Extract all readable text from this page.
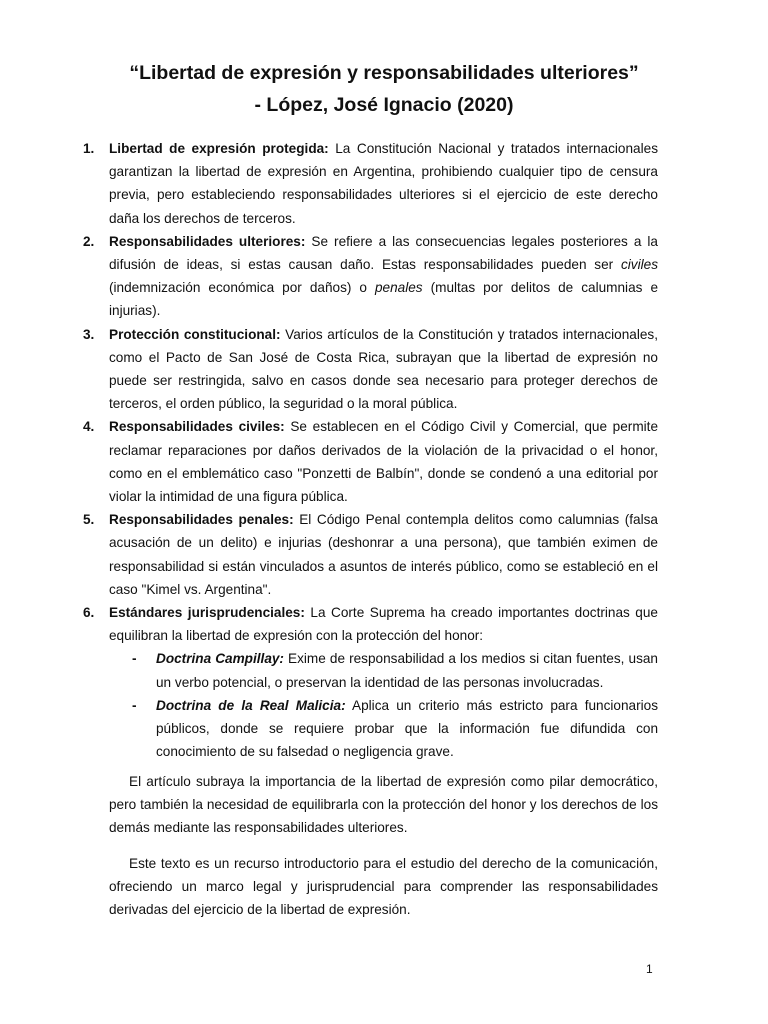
“Libertad de expresión y responsabilidades ulteriores”
- López, José Ignacio (2020)
1. Libertad de expresión protegida: La Constitución Nacional y tratados internacionales garantizan la libertad de expresión en Argentina, prohibiendo cualquier tipo de censura previa, pero estableciendo responsabilidades ulteriores si el ejercicio de este derecho daña los derechos de terceros.
2. Responsabilidades ulteriores: Se refiere a las consecuencias legales posteriores a la difusión de ideas, si estas causan daño. Estas responsabilidades pueden ser civiles (indemnización económica por daños) o penales (multas por delitos de calumnias e injurias).
3. Protección constitucional: Varios artículos de la Constitución y tratados internacionales, como el Pacto de San José de Costa Rica, subrayan que la libertad de expresión no puede ser restringida, salvo en casos donde sea necesario para proteger derechos de terceros, el orden público, la seguridad o la moral pública.
4. Responsabilidades civiles: Se establecen en el Código Civil y Comercial, que permite reclamar reparaciones por daños derivados de la violación de la privacidad o el honor, como en el emblemático caso "Ponzetti de Balbín", donde se condenó a una editorial por violar la intimidad de una figura pública.
5. Responsabilidades penales: El Código Penal contempla delitos como calumnias (falsa acusación de un delito) e injurias (deshonrar a una persona), que también eximen de responsabilidad si están vinculados a asuntos de interés público, como se estableció en el caso "Kimel vs. Argentina".
6. Estándares jurisprudenciales: La Corte Suprema ha creado importantes doctrinas que equilibran la libertad de expresión con la protección del honor:
- Doctrina Campillay: Exime de responsabilidad a los medios si citan fuentes, usan un verbo potencial, o preservan la identidad de las personas involucradas.
- Doctrina de la Real Malicia: Aplica un criterio más estricto para funcionarios públicos, donde se requiere probar que la información fue difundida con conocimiento de su falsedad o negligencia grave.

El artículo subraya la importancia de la libertad de expresión como pilar democrático, pero también la necesidad de equilibrarla con la protección del honor y los derechos de los demás mediante las responsabilidades ulteriores.

Este texto es un recurso introductorio para el estudio del derecho de la comunicación, ofreciendo un marco legal y jurisprudencial para comprender las responsabilidades derivadas del ejercicio de la libertad de expresión.

1
